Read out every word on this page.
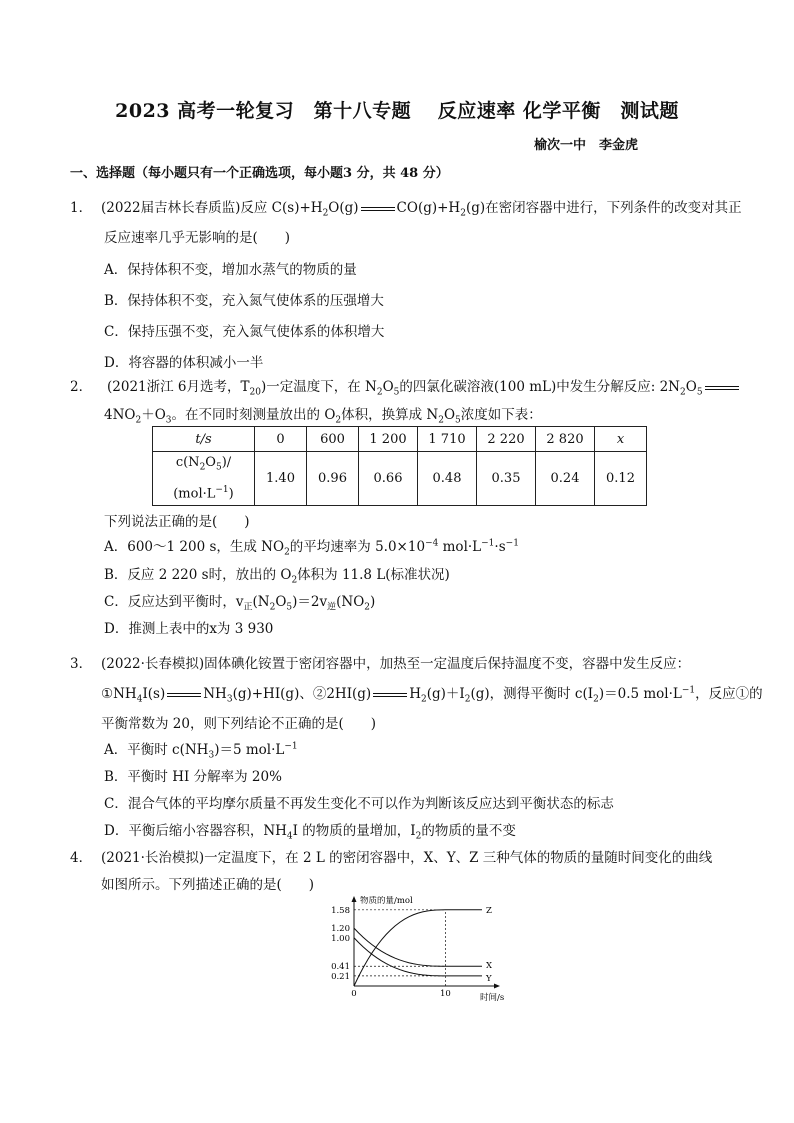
2023 高考一轮复习　第十八专题　 反应速率 化学平衡　测试题
榆次一中　李金虎
一、选择题（每小题只有一个正确选项，每小题3 分，共 48 分）
1． (2022届吉林长春质监)反应 $C(s)+H_2O(g)$	$CO(g)+H_2(g)$在密闭容器中进行，下列条件的改变对其正
反应速率几乎无影响的是(　　)
A．保持体积不变，增加水蒸气的物质的量
B．保持体积不变，充入氮气使体系的压强增大
C．保持压强不变，充入氮气使体系的体积增大
D．将容器的体积减小一半
2． (2021浙江 6月选考，$T_{20}$)一定温度下，在 $N_2O_5$的四氯化碳溶液(100 mL)中发生分解反应: $2N_2O_5$
$4NO_2+O_3$。在不同时刻测量放出的 $O_2$体积，换算成 $N_2O_5$浓度如下表：
t/s	0	600	1 200	1 710	2 220	2 820	x
$c(N_2O_5)/$
$(mol\cdot L^{-1})$	1.40	0.96	0.66	0.48	0.35	0.24	0.12
下列说法正确的是(　　)
A．600～1 200 s，生成 $NO_2$的平均速率为 $5.0\times 10^{-4}$ $mol\cdot L^{-1}\cdot s^{-1}$
B．反应 2 220 s时，放出的 $O_2$体积为 11.8 L(标准状况)
C．反应达到平衡时，$v_正(N_2O_5)=2v_逆(NO_2)$
D．推测上表中的x为 3 930
3． (2022·长春模拟)固体碘化铵置于密闭容器中，加热至一定温度后保持温度不变，容器中发生反应：
$①NH_4I(s)$	$NH_3(g)+HI(g)$、②2HI(g)	$H_2(g)+I_2(g)$，测得平衡时 $c(I_2)=0.5$ $mol\cdot L^{-1}$，反应①的
平衡常数为 20，则下列结论不正确的是(　　)
A．平衡时 $c(NH_3)=5$ $mol\cdot L^{-1}$
B．平衡时 HI 分解率为 20%
C．混合气体的平均摩尔质量不再发生变化不可以作为判断该反应达到平衡状态的标志
D．平衡后缩小容器容积，$NH_4I$ 的物质的量增加，$I_2$的物质的量不变
4． (2021·长治模拟)一定温度下，在 2 L 的密闭容器中，X、Y、Z 三种气体的物质的量随时间变化的曲线
如图所示。下列描述正确的是(　　)
Z
X
Y
1.58
1.20
1.00
0.41
0.21
0	10
物质的量/mol
时间/s
